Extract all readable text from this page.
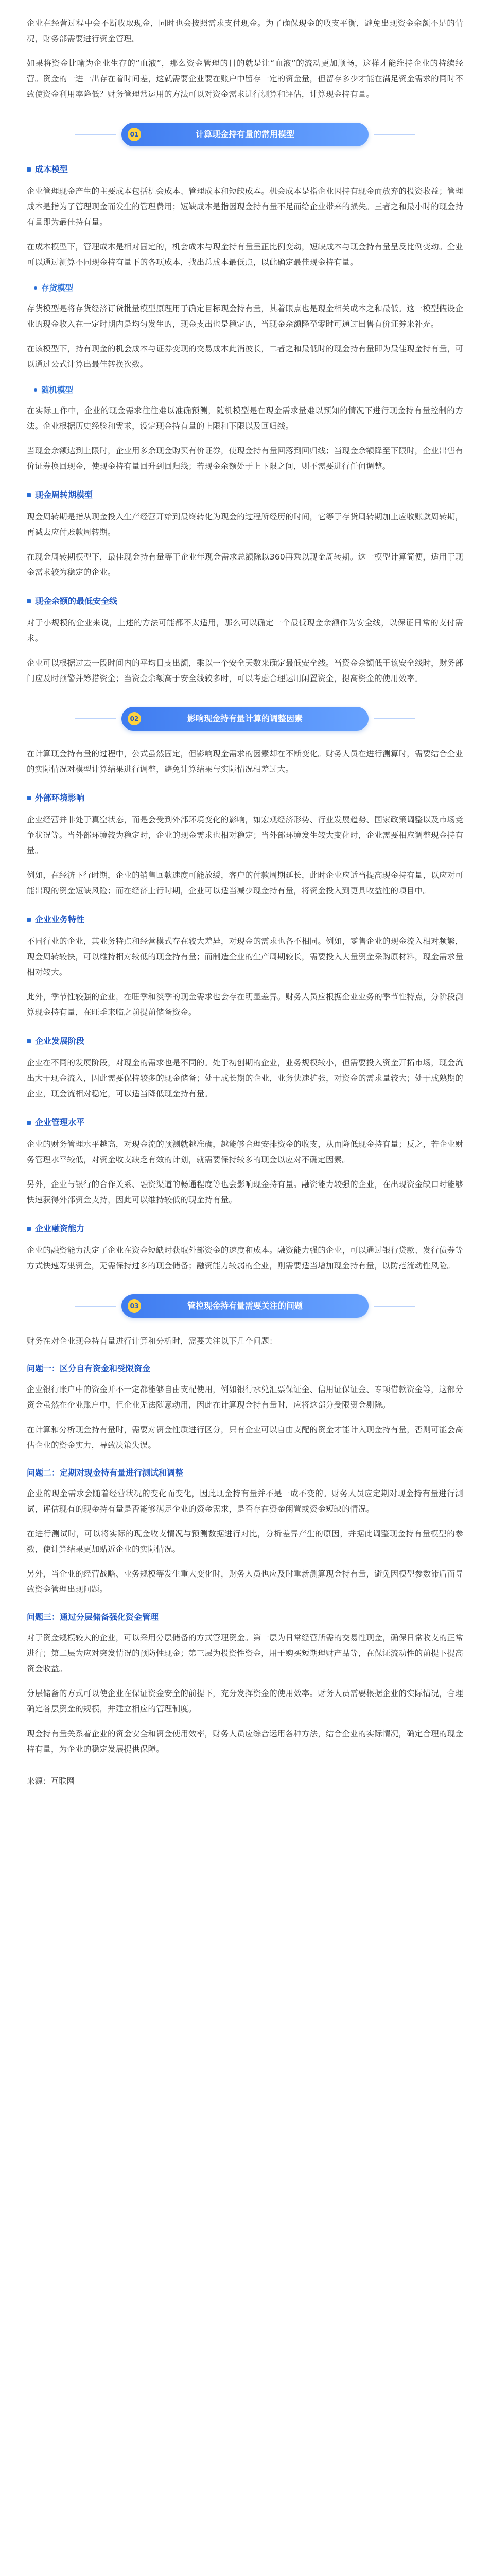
企业在经营过程中会不断收取现金，同时也会按照需求支付现金。为了确保现金的收支平衡，避免出现资金余额不足的情况，财务部需要进行资金管理。

如果将资金比喻为企业生存的“血液”，那么资金管理的目的就是让“血液”的流动更加顺畅，这样才能维持企业的持续经营。资金的一进一出存在着时间差，这就需要企业要在账户中留存一定的资金量，但留存多少才能在满足资金需求的同时不致使资金利用率降低？财务管理常运用的方法可以对资金需求进行测算和评估，计算现金持有量。

01	计算现金持有量的常用模型
成本模型

企业管理现金产生的主要成本包括机会成本、管理成本和短缺成本。机会成本是指企业因持有现金而放弃的投资收益；管理成本是指为了管理现金而发生的管理费用；短缺成本是指因现金持有量不足而给企业带来的损失。三者之和最小时的现金持有量即为最佳持有量。

在成本模型下，管理成本是相对固定的，机会成本与现金持有量呈正比例变动，短缺成本与现金持有量呈反比例变动。企业可以通过测算不同现金持有量下的各项成本，找出总成本最低点，以此确定最佳现金持有量。

存货模型

存货模型是将存货经济订货批量模型原理用于确定目标现金持有量，其着眼点也是现金相关成本之和最低。这一模型假设企业的现金收入在一定时期内是均匀发生的，现金支出也是稳定的，当现金余额降至零时可通过出售有价证券来补充。

在该模型下，持有现金的机会成本与证券变现的交易成本此消彼长，二者之和最低时的现金持有量即为最佳现金持有量，可以通过公式计算出最佳转换次数。

随机模型

在实际工作中，企业的现金需求往往难以准确预测，随机模型是在现金需求量难以预知的情况下进行现金持有量控制的方法。企业根据历史经验和需求，设定现金持有量的上限和下限以及回归线。

当现金余额达到上限时，企业用多余现金购买有价证券，使现金持有量回落到回归线；当现金余额降至下限时，企业出售有价证券换回现金，使现金持有量回升到回归线；若现金余额处于上下限之间，则不需要进行任何调整。

现金周转期模型

现金周转期是指从现金投入生产经营开始到最终转化为现金的过程所经历的时间，它等于存货周转期加上应收账款周转期，再减去应付账款周转期。

在现金周转期模型下，最佳现金持有量等于企业年现金需求总额除以360再乘以现金周转期。这一模型计算简便，适用于现金需求较为稳定的企业。

现金余额的最低安全线

对于小规模的企业来说，上述的方法可能都不太适用，那么可以确定一个最低现金余额作为安全线，以保证日常的支付需求。

企业可以根据过去一段时间内的平均日支出额，乘以一个安全天数来确定最低安全线。当资金余额低于该安全线时，财务部门应及时预警并筹措资金；当资金余额高于安全线较多时，可以考虑合理运用闲置资金，提高资金的使用效率。

02	影响现金持有量计算的调整因素

在计算现金持有量的过程中，公式虽然固定，但影响现金需求的因素却在不断变化。财务人员在进行测算时，需要结合企业的实际情况对模型计算结果进行调整，避免计算结果与实际情况相差过大。

外部环境影响

企业经营并非处于真空状态，而是会受到外部环境变化的影响，如宏观经济形势、行业发展趋势、国家政策调整以及市场竞争状况等。当外部环境较为稳定时，企业的现金需求也相对稳定；当外部环境发生较大变化时，企业需要相应调整现金持有量。

例如，在经济下行时期，企业的销售回款速度可能放缓，客户的付款周期延长，此时企业应适当提高现金持有量，以应对可能出现的资金短缺风险；而在经济上行时期，企业可以适当减少现金持有量，将资金投入到更具收益性的项目中。

企业业务特性

不同行业的企业，其业务特点和经营模式存在较大差异，对现金的需求也各不相同。例如，零售企业的现金流入相对频繁，现金周转较快，可以维持相对较低的现金持有量；而制造企业的生产周期较长，需要投入大量资金采购原材料，现金需求量相对较大。

此外，季节性较强的企业，在旺季和淡季的现金需求也会存在明显差异。财务人员应根据企业业务的季节性特点，分阶段测算现金持有量，在旺季来临之前提前储备资金。

企业发展阶段

企业在不同的发展阶段，对现金的需求也是不同的。处于初创期的企业，业务规模较小，但需要投入资金开拓市场，现金流出大于现金流入，因此需要保持较多的现金储备；处于成长期的企业，业务快速扩张，对资金的需求量较大；处于成熟期的企业，现金流相对稳定，可以适当降低现金持有量。

企业管理水平

企业的财务管理水平越高，对现金流的预测就越准确，越能够合理安排资金的收支，从而降低现金持有量；反之，若企业财务管理水平较低，对资金收支缺乏有效的计划，就需要保持较多的现金以应对不确定因素。

另外，企业与银行的合作关系、融资渠道的畅通程度等也会影响现金持有量。融资能力较强的企业，在出现资金缺口时能够快速获得外部资金支持，因此可以维持较低的现金持有量。

企业融资能力

企业的融资能力决定了企业在资金短缺时获取外部资金的速度和成本。融资能力强的企业，可以通过银行贷款、发行债券等方式快速筹集资金，无需保持过多的现金储备；融资能力较弱的企业，则需要适当增加现金持有量，以防范流动性风险。

03	管控现金持有量需要关注的问题

财务在对企业现金持有量进行计算和分析时，需要关注以下几个问题：

问题一：区分自有资金和受限资金

企业银行账户中的资金并不一定都能够自由支配使用，例如银行承兑汇票保证金、信用证保证金、专项借款资金等，这部分资金虽然在企业账户中，但企业无法随意动用，因此在计算现金持有量时，应将这部分受限资金剔除。

在计算和分析现金持有量时，需要对资金性质进行区分，只有企业可以自由支配的资金才能计入现金持有量，否则可能会高估企业的资金实力，导致决策失误。

问题二：定期对现金持有量进行测试和调整

企业的现金需求会随着经营状况的变化而变化，因此现金持有量并不是一成不变的。财务人员应定期对现金持有量进行测试，评估现有的现金持有量是否能够满足企业的资金需求，是否存在资金闲置或资金短缺的情况。

在进行测试时，可以将实际的现金收支情况与预测数据进行对比，分析差异产生的原因，并据此调整现金持有量模型的参数，使计算结果更加贴近企业的实际情况。

另外，当企业的经营战略、业务规模等发生重大变化时，财务人员也应及时重新测算现金持有量，避免因模型参数滞后而导致资金管理出现问题。

问题三：通过分层储备强化资金管理

对于资金规模较大的企业，可以采用分层储备的方式管理资金。第一层为日常经营所需的交易性现金，确保日常收支的正常进行；第二层为应对突发情况的预防性现金；第三层为投资性资金，用于购买短期理财产品等，在保证流动性的前提下提高资金收益。

分层储备的方式可以使企业在保证资金安全的前提下，充分发挥资金的使用效率。财务人员需要根据企业的实际情况，合理确定各层资金的规模，并建立相应的管理制度。

现金持有量关系着企业的资金安全和资金使用效率，财务人员应综合运用各种方法，结合企业的实际情况，确定合理的现金持有量，为企业的稳定发展提供保障。

来源：互联网
